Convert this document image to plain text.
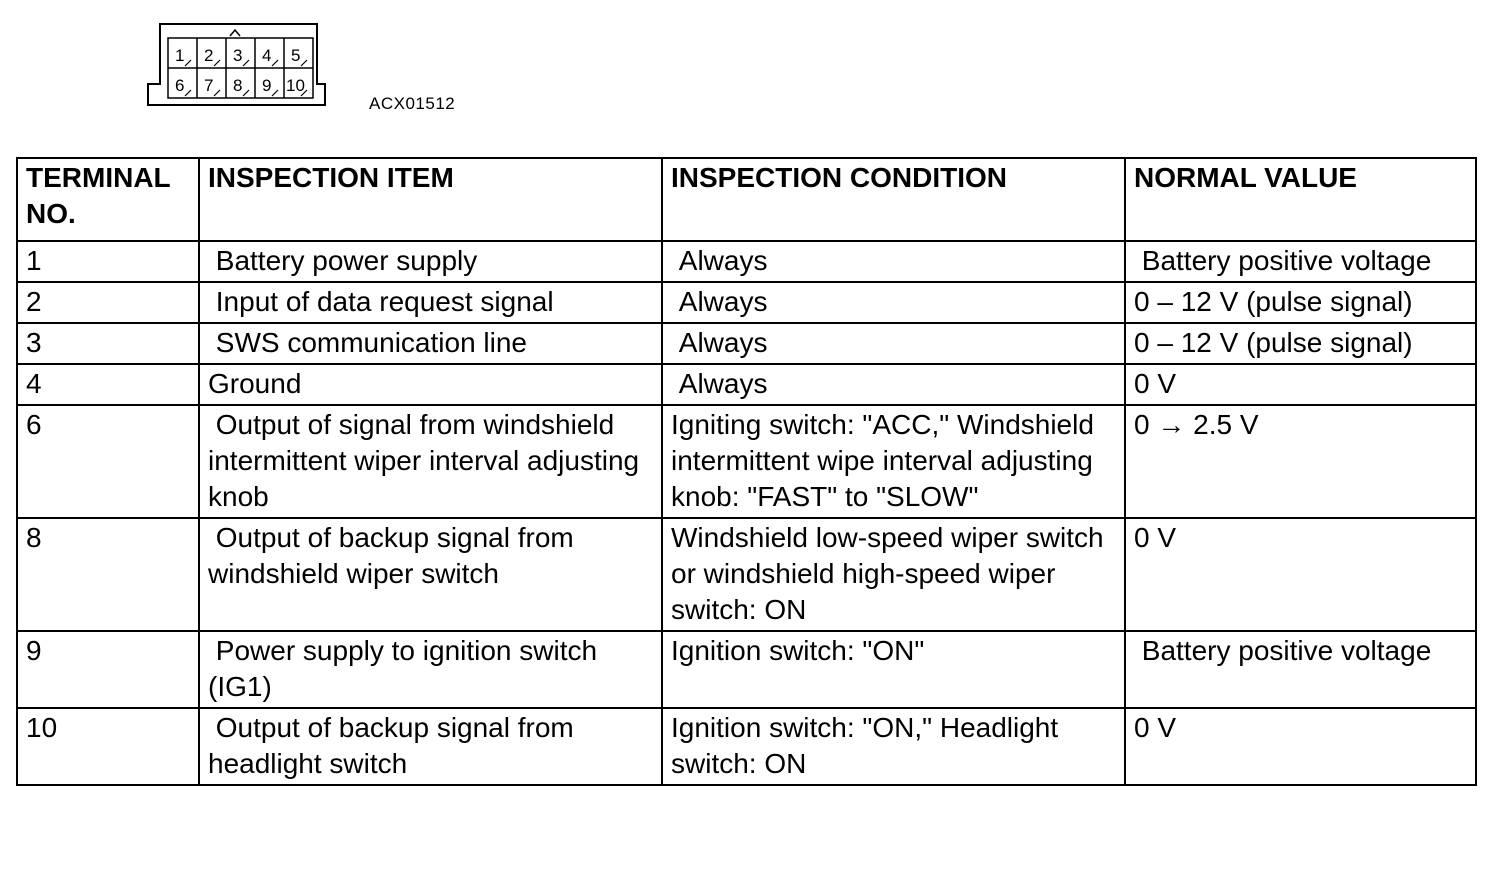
1 2 3 4 5
6 7 8 9 10
ACX01512
TERMINAL NO.	INSPECTION ITEM	INSPECTION CONDITION	NORMAL VALUE
1	Battery power supply	Always	Battery positive voltage
2	Input of data request signal	Always	0 – 12 V (pulse signal)
3	SWS communication line	Always	0 – 12 V (pulse signal)
4	Ground	Always	0 V
6	Output of signal from windshield intermittent wiper interval adjusting knob	Igniting switch: "ACC," Windshield intermittent wipe interval adjusting knob: "FAST" to "SLOW"	0 → 2.5 V
8	Output of backup signal from windshield wiper switch	Windshield low-speed wiper switch or windshield high-speed wiper switch: ON	0 V
9	Power supply to ignition switch (IG1)	Ignition switch: "ON"	Battery positive voltage
10	Output of backup signal from headlight switch	Ignition switch: "ON," Headlight switch: ON	0 V
